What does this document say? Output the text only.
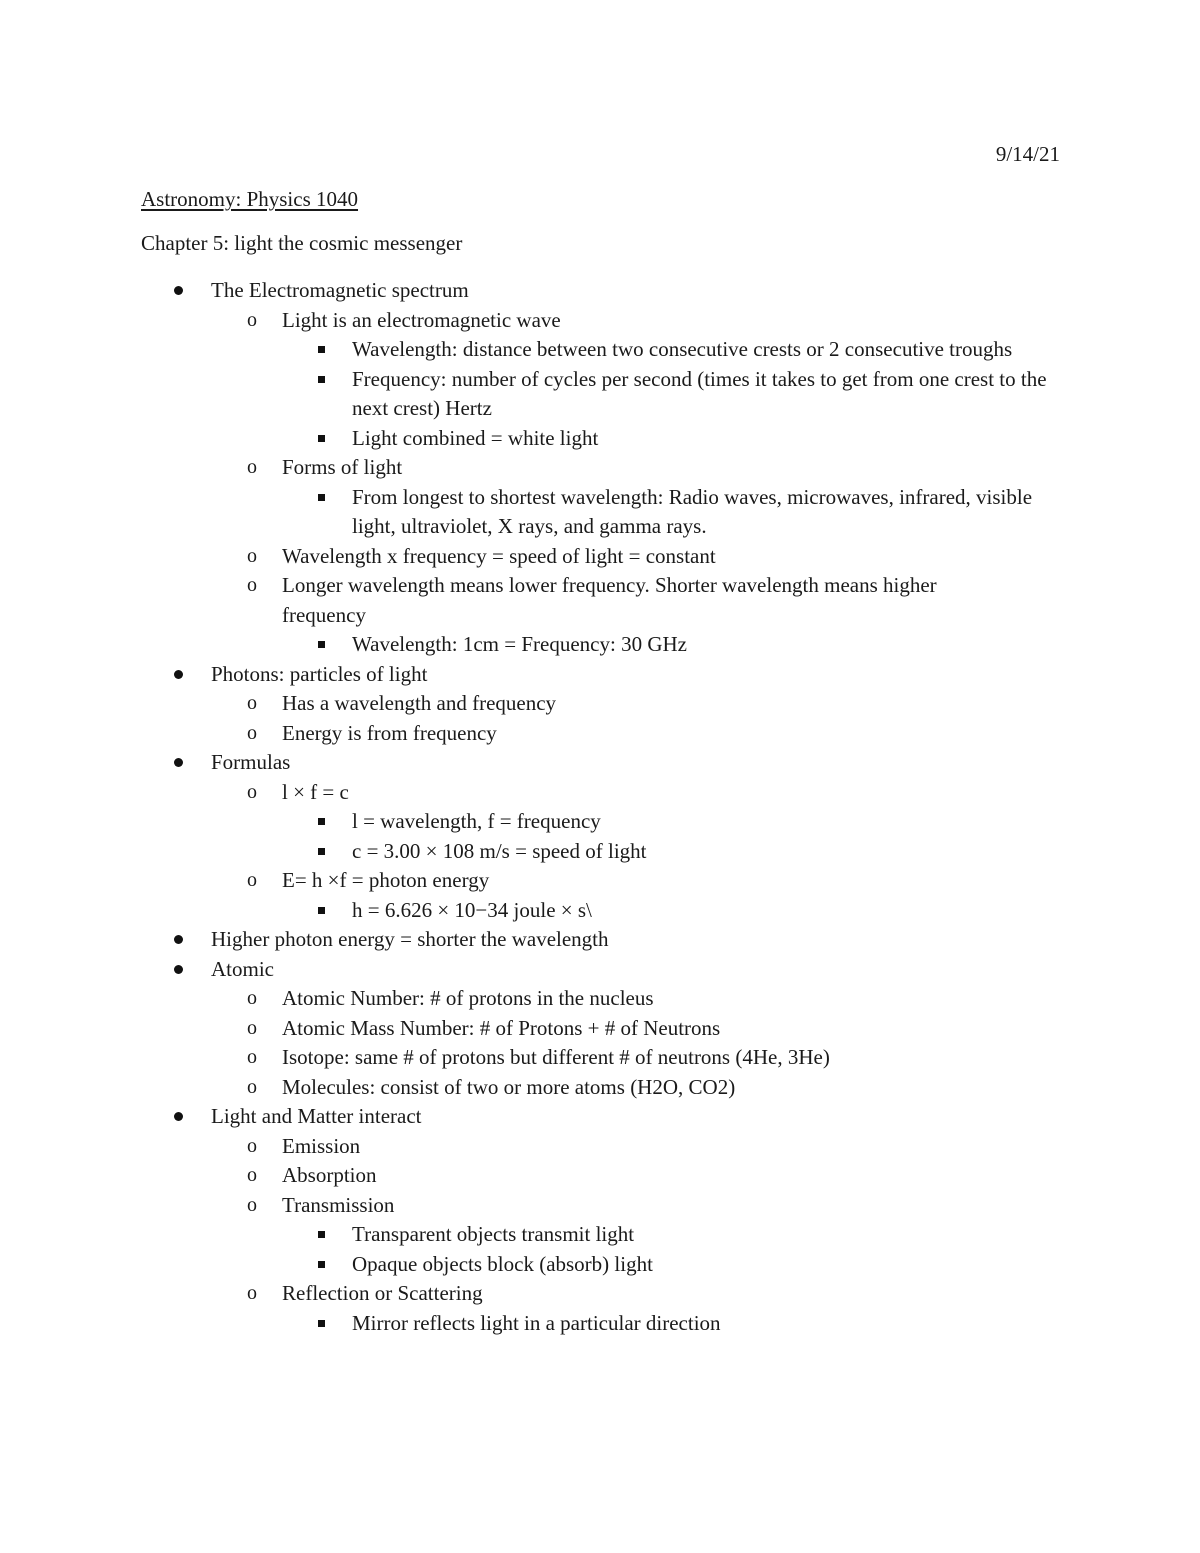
9/14/21
Astronomy: Physics 1040
Chapter 5: light the cosmic messenger
The Electromagnetic spectrum
o Light is an electromagnetic wave
Wavelength: distance between two consecutive crests or 2 consecutive troughs
Frequency: number of cycles per second (times it takes to get from one crest to the next crest) Hertz
Light combined = white light
o Forms of light
From longest to shortest wavelength: Radio waves, microwaves, infrared, visible light, ultraviolet, X rays, and gamma rays.
o Wavelength x frequency = speed of light = constant
o Longer wavelength means lower frequency. Shorter wavelength means higher frequency
Wavelength: 1cm = Frequency: 30 GHz
Photons: particles of light
o Has a wavelength and frequency
o Energy is from frequency
Formulas
o l × f = c
l = wavelength, f = frequency
c = 3.00 × 108 m/s = speed of light
o E= h ×f = photon energy
h = 6.626 × 10−34 joule × s\
Higher photon energy = shorter the wavelength
Atomic
o Atomic Number: # of protons in the nucleus
o Atomic Mass Number: # of Protons + # of Neutrons
o Isotope: same # of protons but different # of neutrons (4He, 3He)
o Molecules: consist of two or more atoms (H2O, CO2)
Light and Matter interact
o Emission
o Absorption
o Transmission
Transparent objects transmit light
Opaque objects block (absorb) light
o Reflection or Scattering
Mirror reflects light in a particular direction
